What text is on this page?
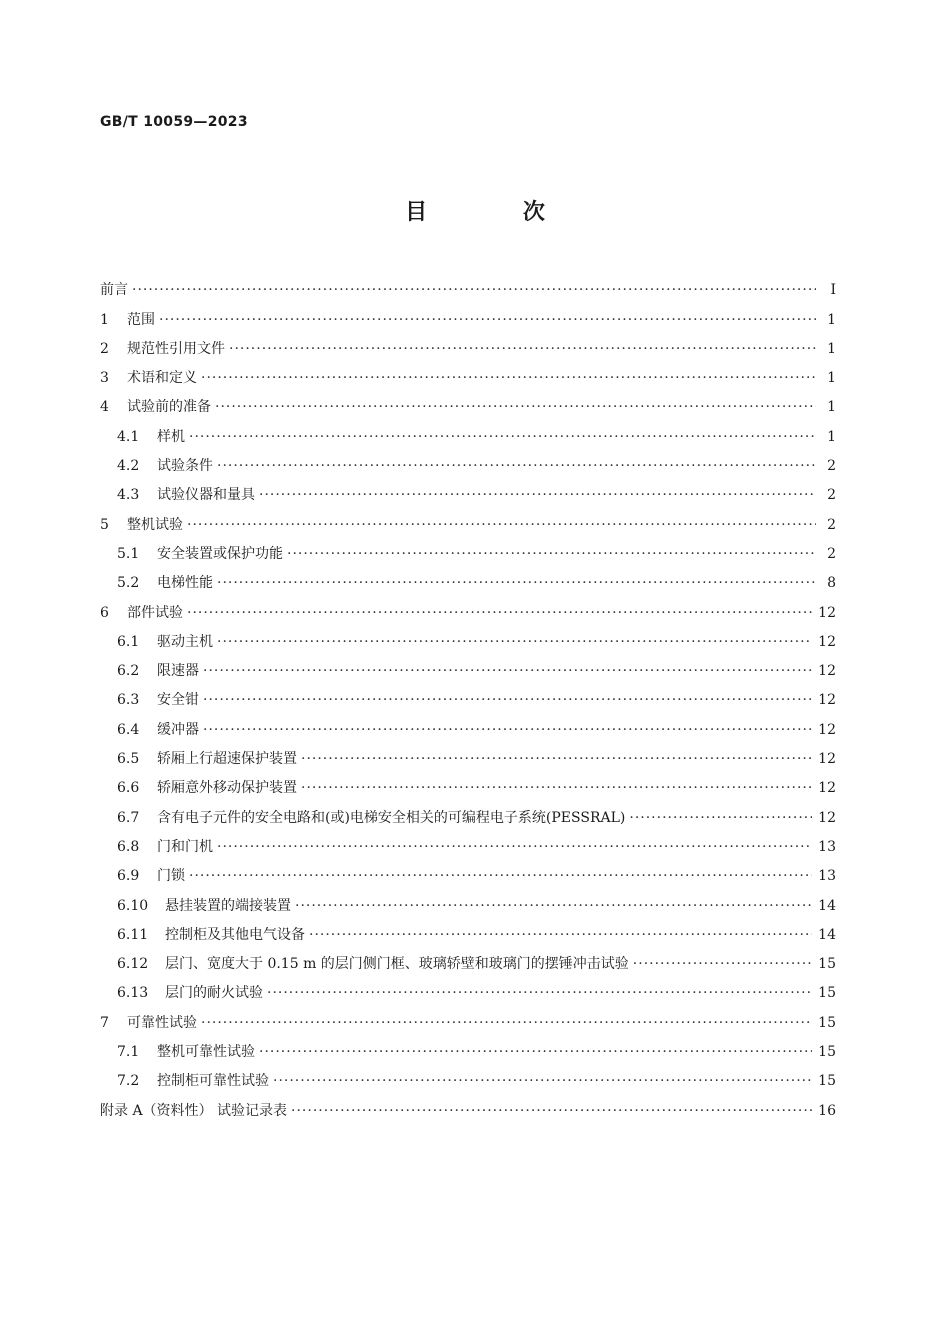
GB/T 10059—2023
目 次
前言 ·····	Ⅰ
1	范围 ·····	1
2	规范性引用文件 ·····	1
3	术语和定义 ·····	1
4	试验前的准备 ·····	1
4.1	样机 ·····	1
4.2	试验条件 ·····	2
4.3	试验仪器和量具 ·····	2
5	整机试验 ·····	2
5.1	安全装置或保护功能 ·····	2
5.2	电梯性能 ·····	8
6	部件试验 ·····	12
6.1	驱动主机 ·····	12
6.2	限速器 ·····	12
6.3	安全钳 ·····	12
6.4	缓冲器 ·····	12
6.5	轿厢上行超速保护装置 ·····	12
6.6	轿厢意外移动保护装置 ·····	12
6.7	含有电子元件的安全电路和(或)电梯安全相关的可编程电子系统(PESSRAL) ·····	12
6.8	门和门机 ·····	13
6.9	门锁 ·····	13
6.10	悬挂装置的端接装置 ·····	14
6.11	控制柜及其他电气设备 ·····	14
6.12	层门、宽度大于 0.15 m 的层门侧门框、玻璃轿壁和玻璃门的摆锤冲击试验 ·····	15
6.13	层门的耐火试验 ·····	15
7	可靠性试验 ·····	15
7.1	整机可靠性试验 ·····	15
7.2	控制柜可靠性试验 ·····	15
附录 A（资料性） 试验记录表 ·····	16
